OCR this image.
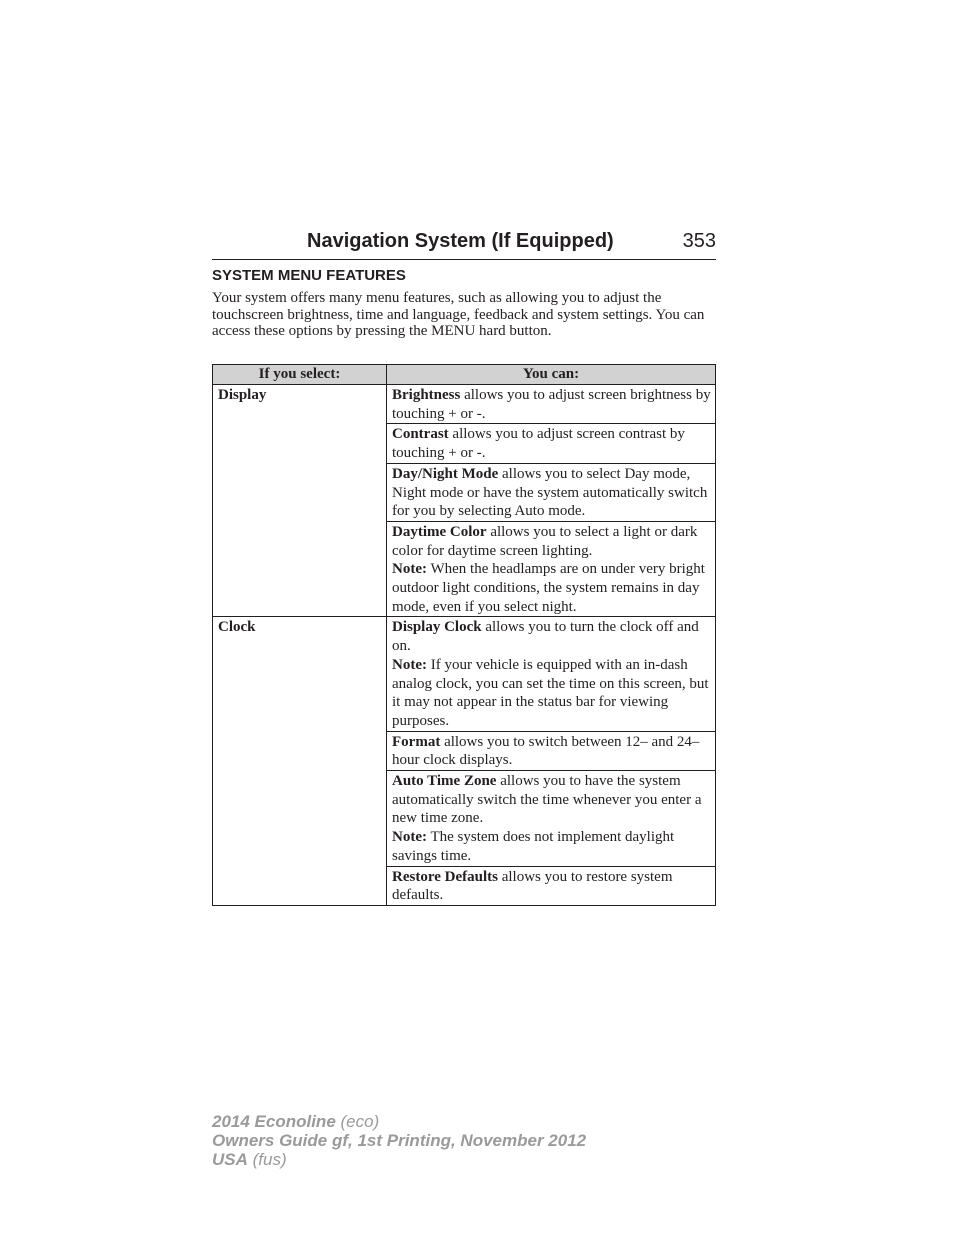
Navigation System (If Equipped)	353
SYSTEM MENU FEATURES

Your system offers many menu features, such as allowing you to adjust the touchscreen brightness, time and language, feedback and system settings. You can access these options by pressing the MENU hard button.

If you select:	You can:
Display	Brightness allows you to adjust screen brightness by touching + or -.
	Contrast allows you to adjust screen contrast by touching + or -.
	Day/Night Mode allows you to select Day mode, Night mode or have the system automatically switch for you by selecting Auto mode.
	Daytime Color allows you to select a light or dark color for daytime screen lighting.
Note: When the headlamps are on under very bright outdoor light conditions, the system remains in day mode, even if you select night.
Clock	Display Clock allows you to turn the clock off and on.
Note: If your vehicle is equipped with an in-dash analog clock, you can set the time on this screen, but it may not appear in the status bar for viewing purposes.
	Format allows you to switch between 12– and 24–hour clock displays.
	Auto Time Zone allows you to have the system automatically switch the time whenever you enter a new time zone.
Note: The system does not implement daylight savings time.
	Restore Defaults allows you to restore system defaults.
2014 Econoline (eco)
Owners Guide gf, 1st Printing, November 2012
USA (fus)
